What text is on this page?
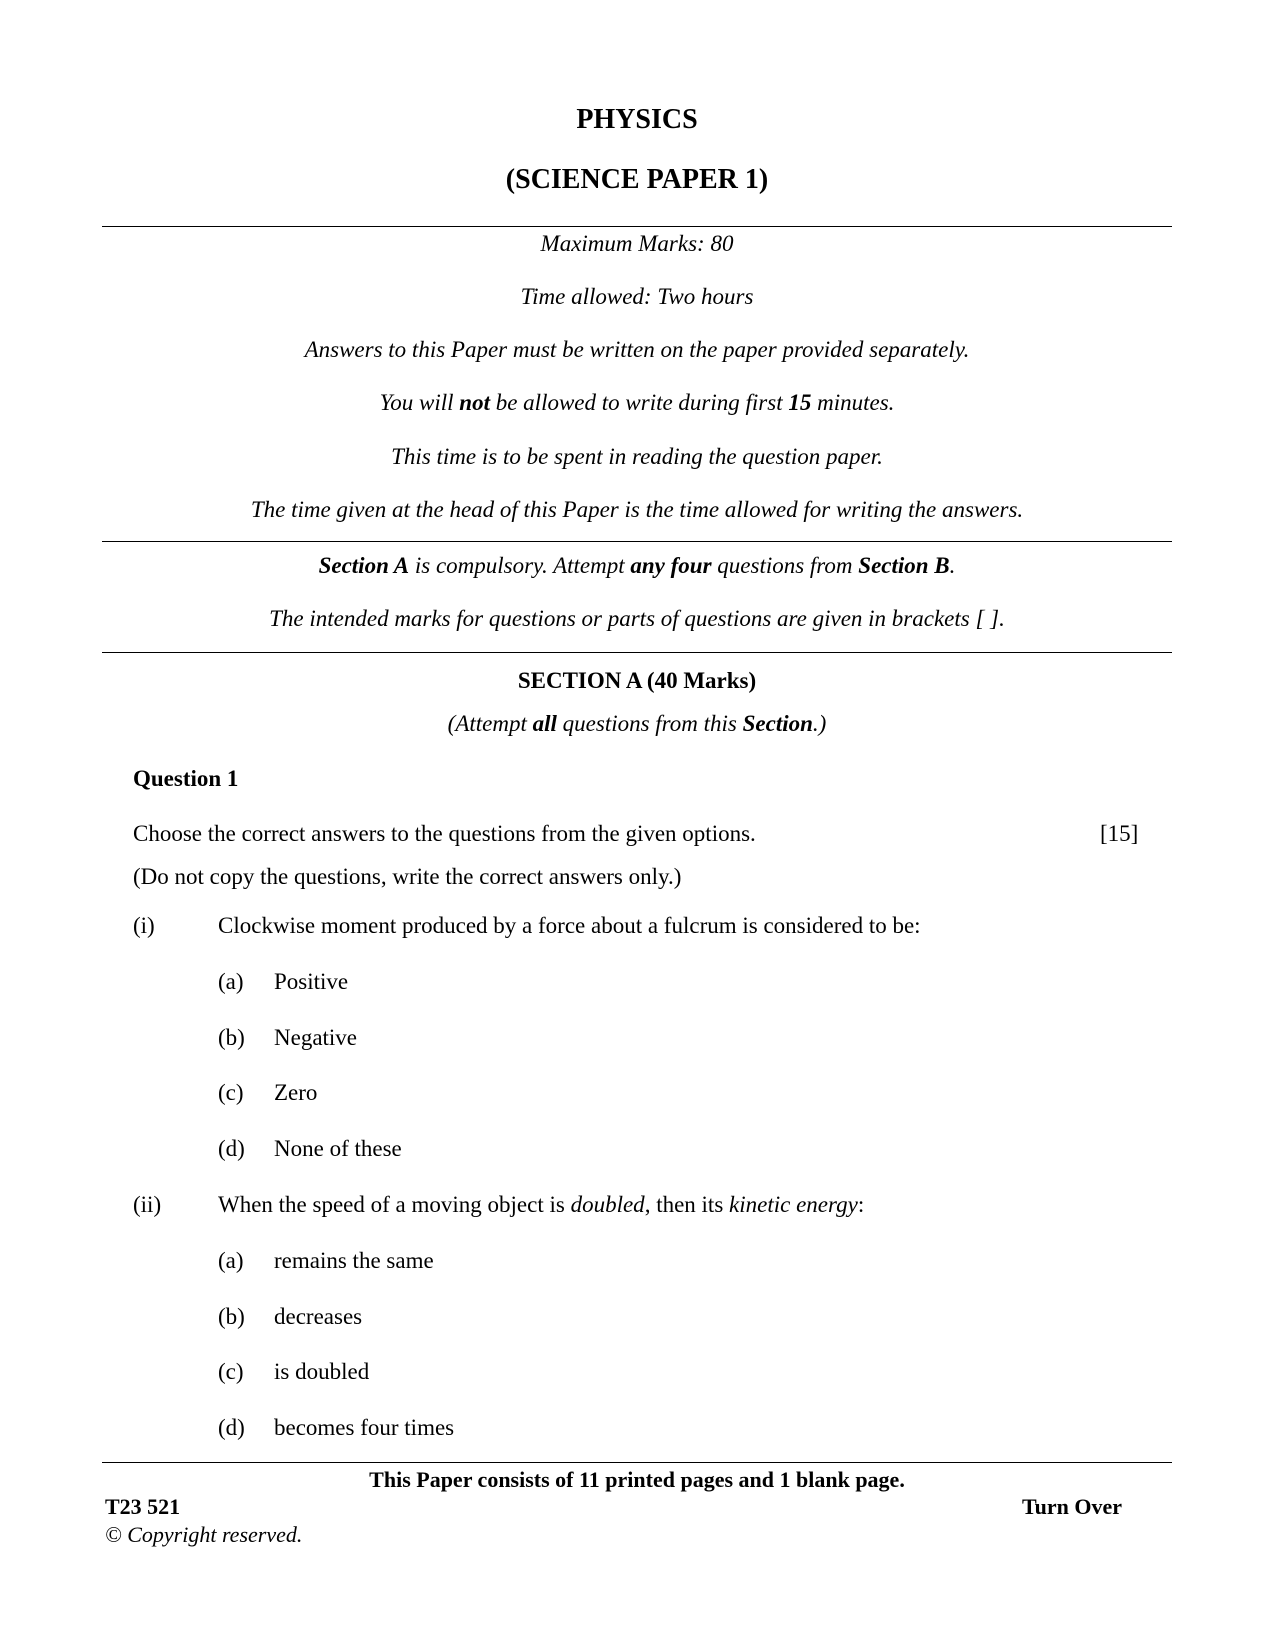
PHYSICS
(SCIENCE PAPER 1)
Maximum Marks: 80
Time allowed: Two hours
Answers to this Paper must be written on the paper provided separately.
You will not be allowed to write during first 15 minutes.
This time is to be spent in reading the question paper.
The time given at the head of this Paper is the time allowed for writing the answers.
Section A is compulsory. Attempt any four questions from Section B.
The intended marks for questions or parts of questions are given in brackets [ ].
SECTION A (40 Marks)
(Attempt all questions from this Section.)
Question 1
Choose the correct answers to the questions from the given options.	[15]
(Do not copy the questions, write the correct answers only.)
(i)	Clockwise moment produced by a force about a fulcrum is considered to be:
(a) Positive
(b) Negative
(c) Zero
(d) None of these
(ii) When the speed of a moving object is doubled, then its kinetic energy:
(a) remains the same
(b) decreases
(c) is doubled
(d) becomes four times
This Paper consists of 11 printed pages and 1 blank page.
T23 521	Turn Over
© Copyright reserved.
